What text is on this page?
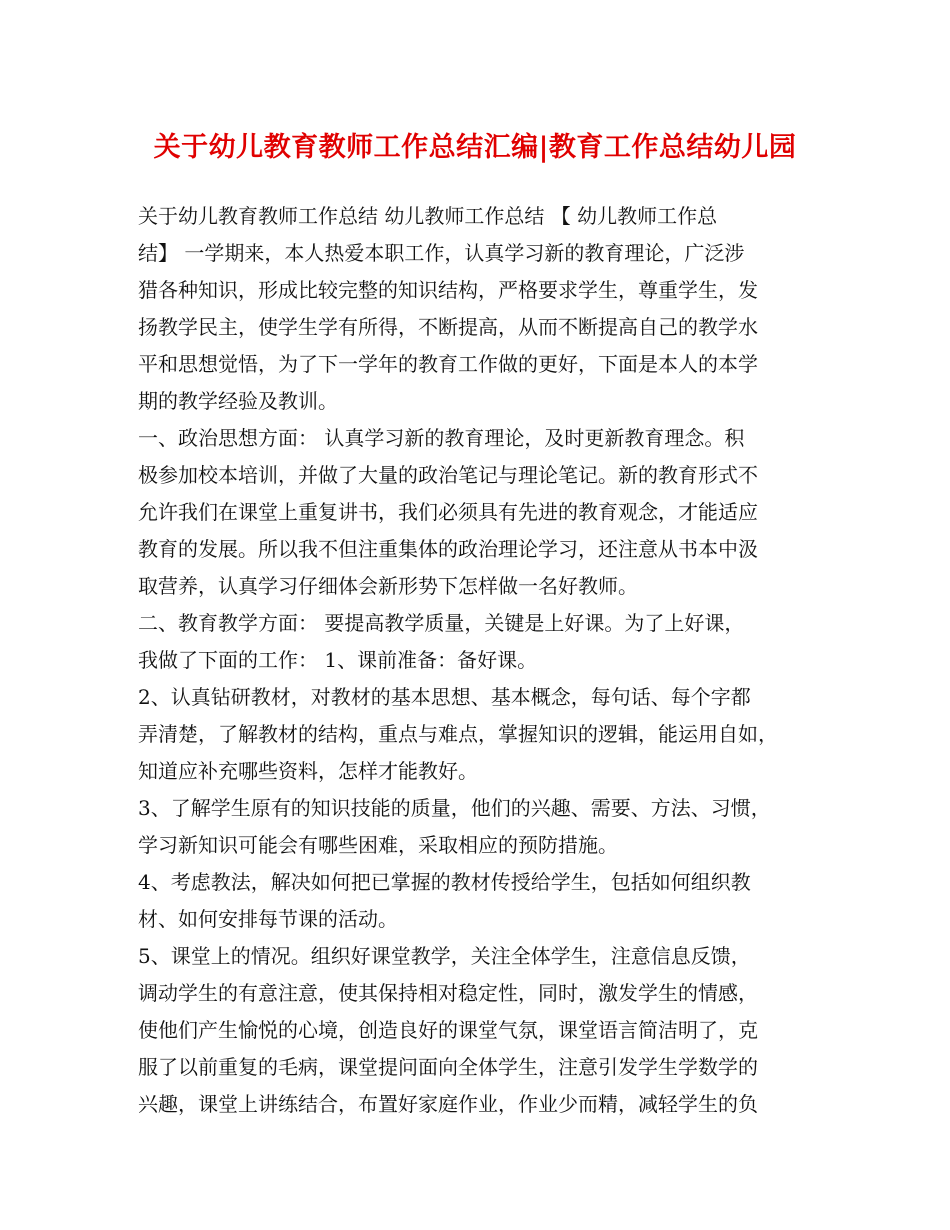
关于幼儿教育教师工作总结汇编|教育工作总结幼儿园
关于幼儿教育教师工作总结 幼儿教师工作总结 【 幼儿教师工作总
结】 一学期来，本人热爱本职工作，认真学习新的教育理论，广泛涉
猎各种知识，形成比较完整的知识结构，严格要求学生，尊重学生，发
扬教学民主，使学生学有所得，不断提高，从而不断提高自己的教学水
平和思想觉悟，为了下一学年的教育工作做的更好，下面是本人的本学
期的教学经验及教训。
一、政治思想方面： 认真学习新的教育理论，及时更新教育理念。积
极参加校本培训，并做了大量的政治笔记与理论笔记。新的教育形式不
允许我们在课堂上重复讲书，我们必须具有先进的教育观念，才能适应
教育的发展。所以我不但注重集体的政治理论学习，还注意从书本中汲
取营养，认真学习仔细体会新形势下怎样做一名好教师。
二、教育教学方面： 要提高教学质量，关键是上好课。为了上好课，
我做了下面的工作： 1、课前准备：备好课。
2、认真钻研教材，对教材的基本思想、基本概念，每句话、每个字都
弄清楚，了解教材的结构，重点与难点，掌握知识的逻辑，能运用自如，
知道应补充哪些资料，怎样才能教好。
3、了解学生原有的知识技能的质量，他们的兴趣、需要、方法、习惯，
学习新知识可能会有哪些困难，采取相应的预防措施。
4、考虑教法，解决如何把已掌握的教材传授给学生，包括如何组织教
材、如何安排每节课的活动。
5、课堂上的情况。组织好课堂教学，关注全体学生，注意信息反馈，
调动学生的有意注意，使其保持相对稳定性，同时，激发学生的情感，
使他们产生愉悦的心境，创造良好的课堂气氛，课堂语言简洁明了，克
服了以前重复的毛病，课堂提问面向全体学生，注意引发学生学数学的
兴趣，课堂上讲练结合，布置好家庭作业，作业少而精，减轻学生的负
